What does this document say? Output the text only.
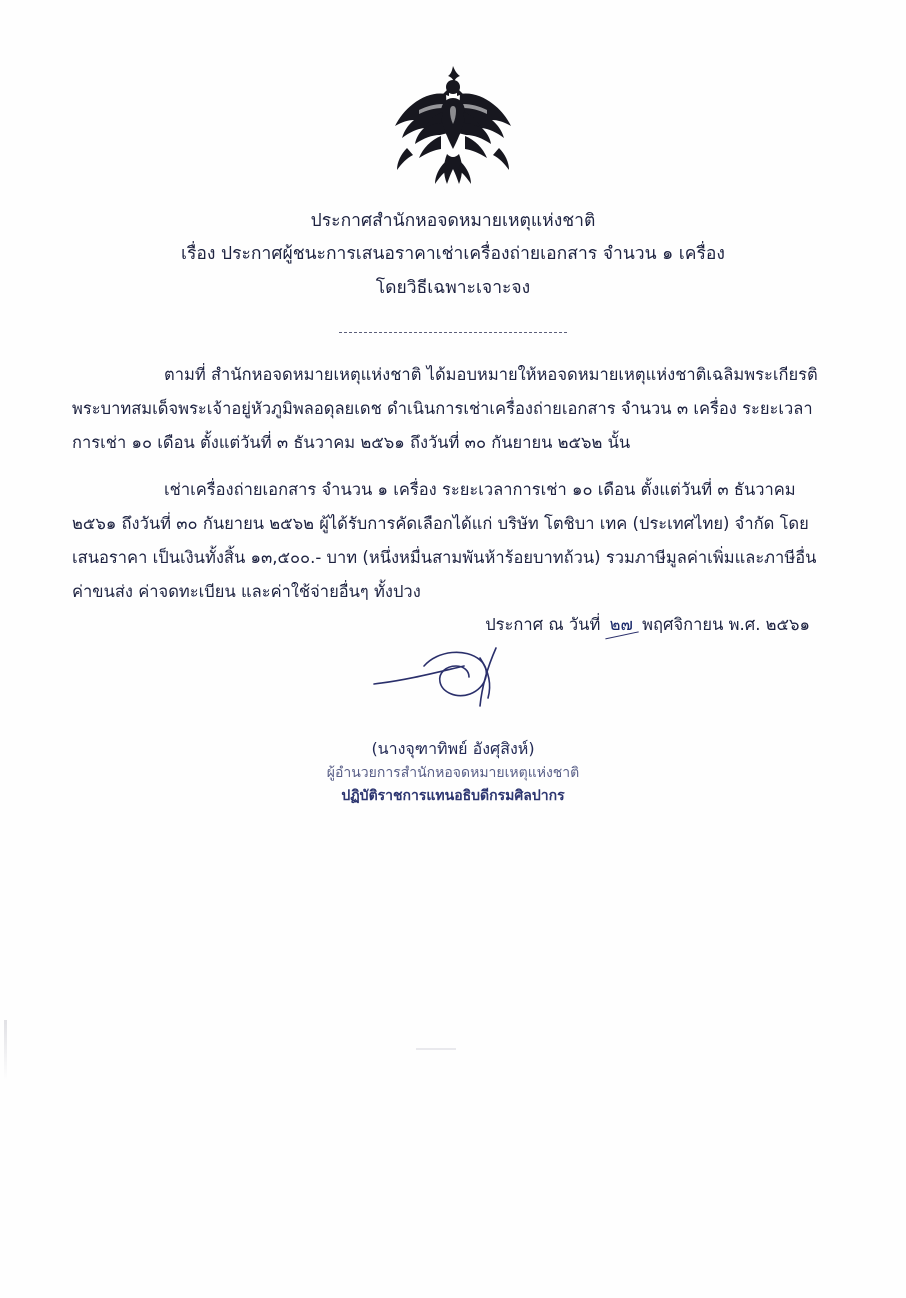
ประกาศสำนักหอจดหมายเหตุแห่งชาติ
เรื่อง ประกาศผู้ชนะการเสนอราคาเช่าเครื่องถ่ายเอกสาร จำนวน ๑ เครื่อง
โดยวิธีเฉพาะเจาะจง

ตามที่ สำนักหอจดหมายเหตุแห่งชาติ ได้มอบหมายให้หอจดหมายเหตุแห่งชาติเฉลิมพระเกียรติพระบาทสมเด็จพระเจ้าอยู่หัวภูมิพลอดุลยเดช ดำเนินการเช่าเครื่องถ่ายเอกสาร จำนวน ๓ เครื่อง ระยะเวลาการเช่า ๑๐ เดือน ตั้งแต่วันที่ ๓ ธันวาคม ๒๕๖๑ ถึงวันที่ ๓๐ กันยายน ๒๕๖๒ นั้น

เช่าเครื่องถ่ายเอกสาร จำนวน ๑ เครื่อง ระยะเวลาการเช่า ๑๐ เดือน ตั้งแต่วันที่ ๓ ธันวาคม ๒๕๖๑ ถึงวันที่ ๓๐ กันยายน ๒๕๖๒ ผู้ได้รับการคัดเลือกได้แก่ บริษัท โตชิบา เทค (ประเทศไทย) จำกัด โดยเสนอราคา เป็นเงินทั้งสิ้น ๑๓,๕๐๐.- บาท (หนึ่งหมื่นสามพันห้าร้อยบาทถ้วน) รวมภาษีมูลค่าเพิ่มและภาษีอื่น ค่าขนส่ง ค่าจดทะเบียน และค่าใช้จ่ายอื่นๆ ทั้งปวง

ประกาศ ณ วันที่ ๒๗ พฤศจิกายน พ.ศ. ๒๕๖๑
(นางจุฑาทิพย์ อังศุสิงห์)
ผู้อำนวยการสำนักหอจดหมายเหตุแห่งชาติ
ปฏิบัติราชการแทนอธิบดีกรมศิลปากร
